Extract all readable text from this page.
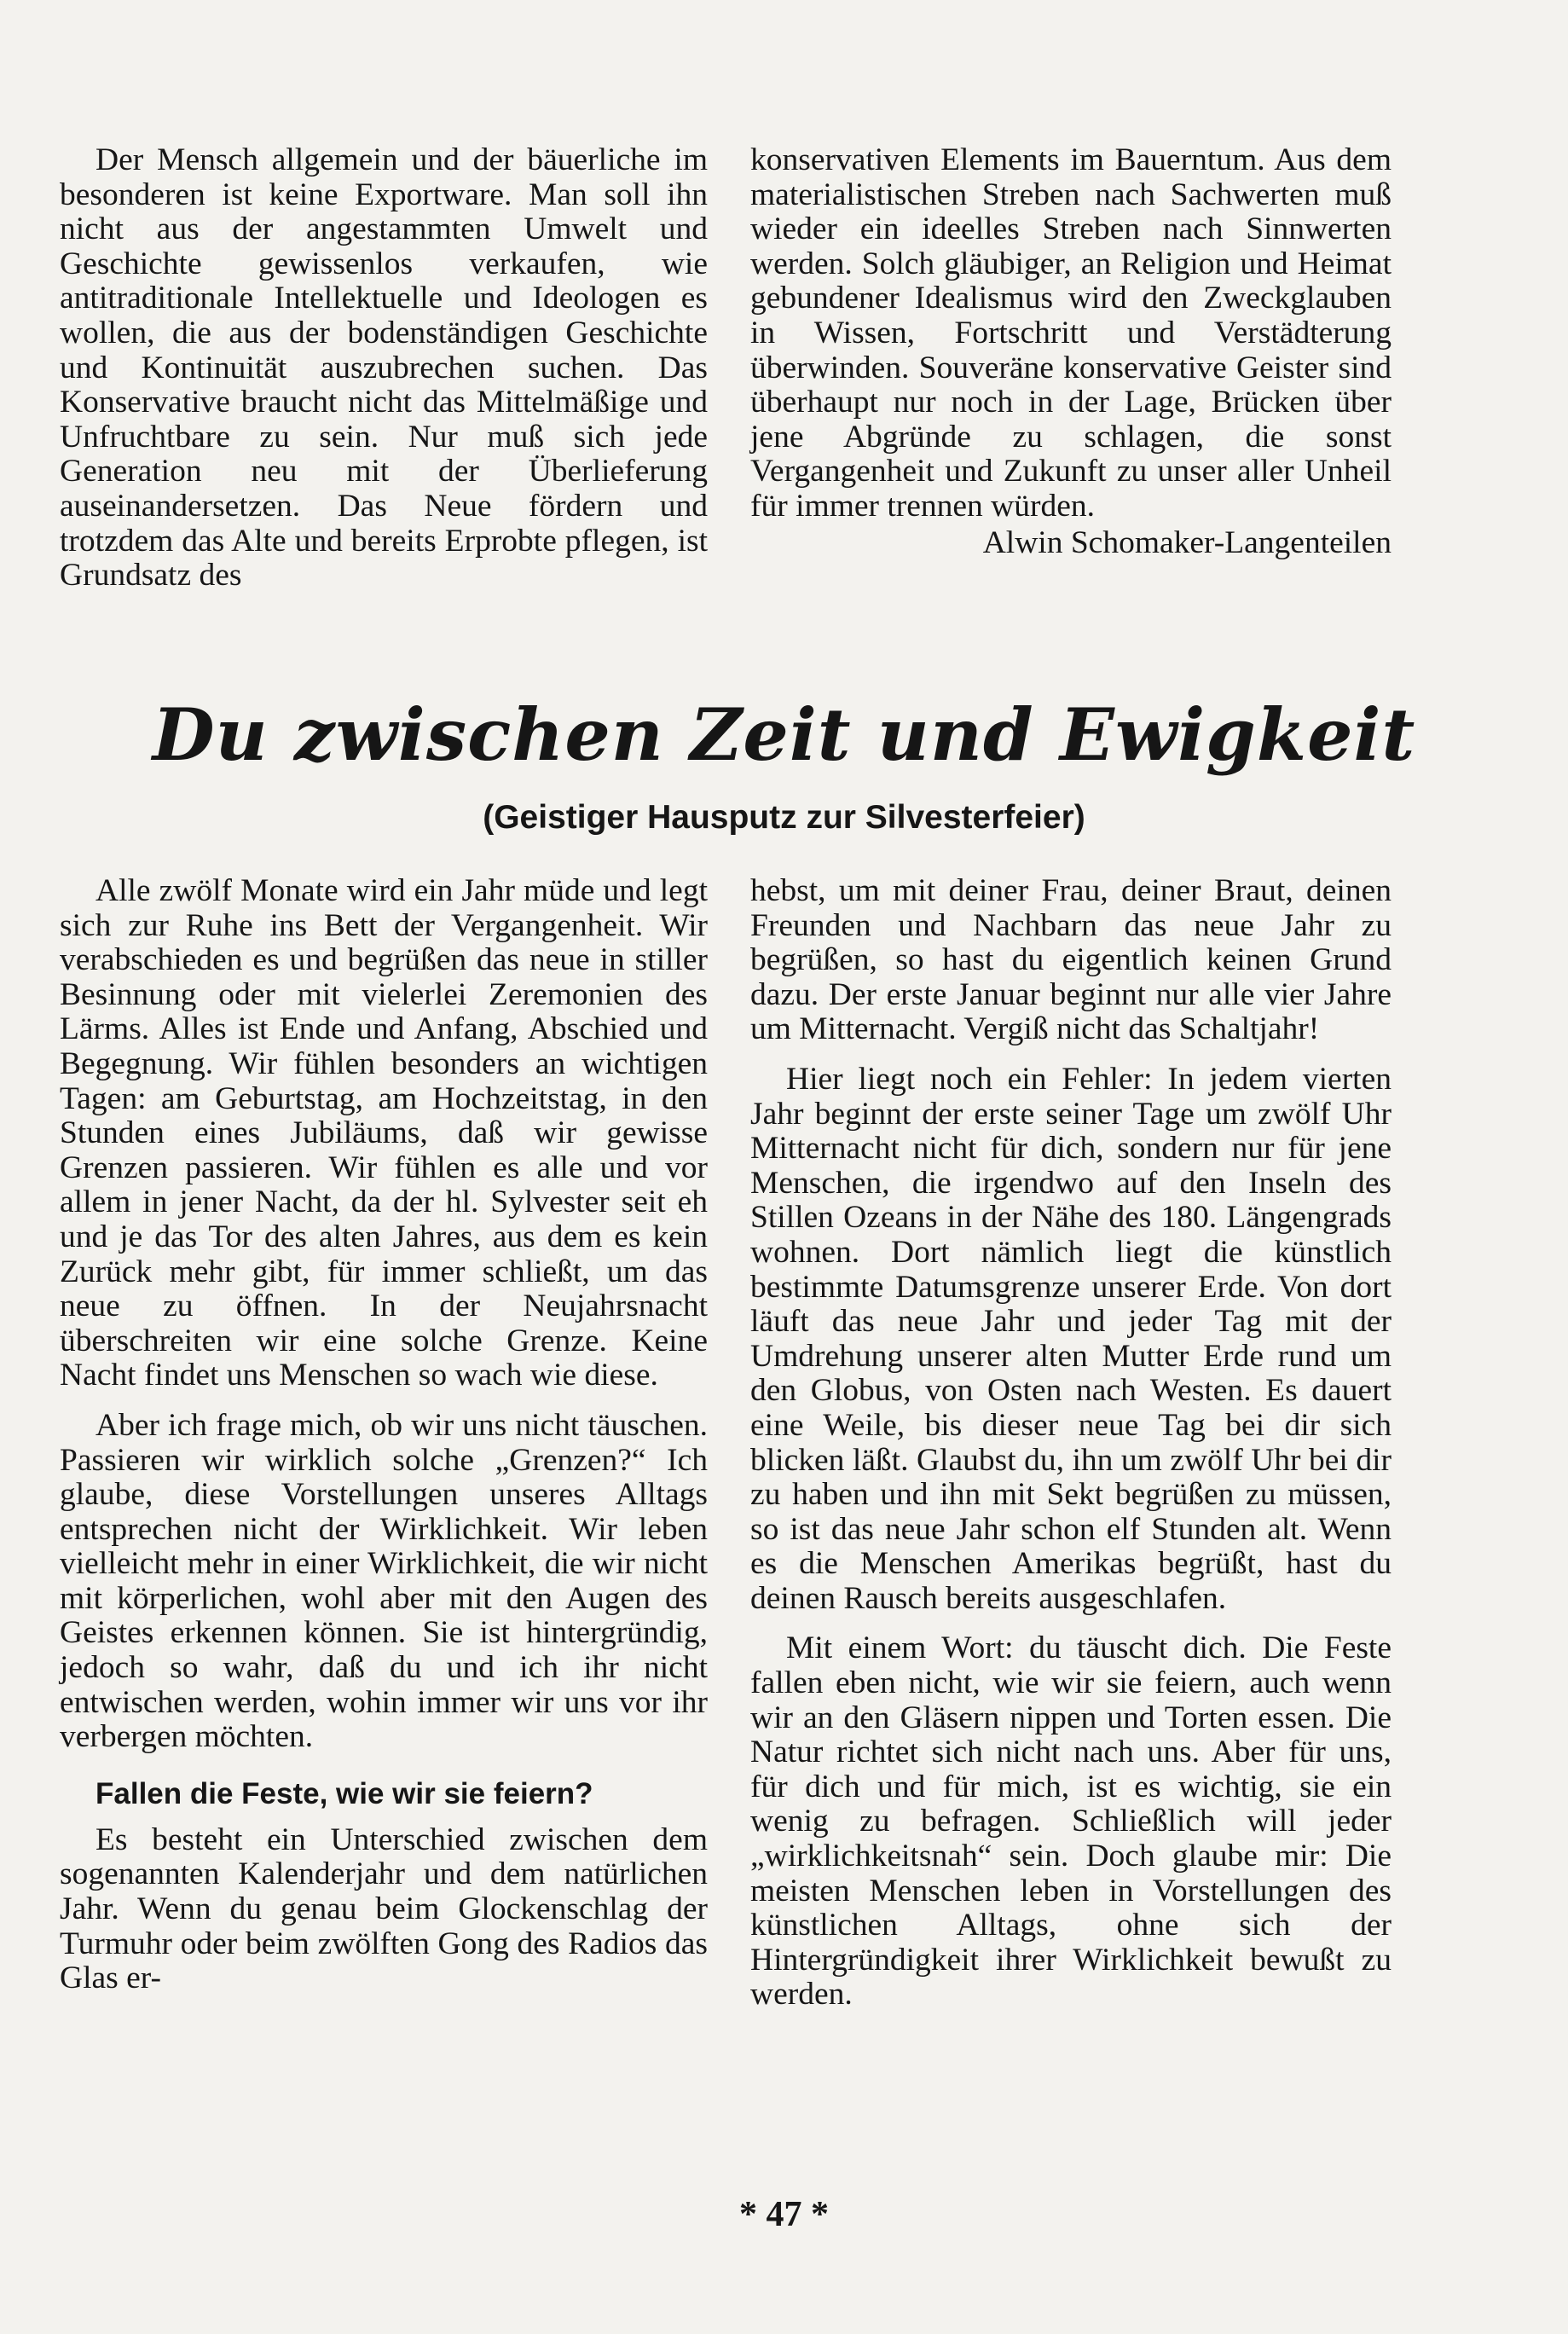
Der Mensch allgemein und der bäuerliche im besonderen ist keine Exportware. Man soll ihn nicht aus der angestammten Umwelt und Geschichte gewissenlos verkaufen, wie antitraditionale Intellektuelle und Ideologen es wollen, die aus der bodenständigen Geschichte und Kontinuität auszubrechen suchen. Das Konservative braucht nicht das Mittelmäßige und Unfruchtbare zu sein. Nur muß sich jede Generation neu mit der Überlieferung auseinandersetzen. Das Neue fördern und trotzdem das Alte und bereits Erprobte pflegen, ist Grundsatz des

konservativen Elements im Bauerntum. Aus dem materialistischen Streben nach Sachwerten muß wieder ein ideelles Streben nach Sinnwerten werden. Solch gläubiger, an Religion und Heimat gebundener Idealismus wird den Zweckglauben in Wissen, Fortschritt und Verstädterung überwinden. Souveräne konservative Geister sind überhaupt nur noch in der Lage, Brücken über jene Abgründe zu schlagen, die sonst Vergangenheit und Zukunft zu unser aller Unheil für immer trennen würden.

Alwin Schomaker-Langenteilen
Du zwischen Zeit und Ewigkeit
(Geistiger Hausputz zur Silvesterfeier)

Alle zwölf Monate wird ein Jahr müde und legt sich zur Ruhe ins Bett der Vergangenheit. Wir verabschieden es und begrüßen das neue in stiller Besinnung oder mit vielerlei Zeremonien des Lärms. Alles ist Ende und Anfang, Abschied und Begegnung. Wir fühlen besonders an wichtigen Tagen: am Geburtstag, am Hochzeitstag, in den Stunden eines Jubiläums, daß wir gewisse Grenzen passieren. Wir fühlen es alle und vor allem in jener Nacht, da der hl. Sylvester seit eh und je das Tor des alten Jahres, aus dem es kein Zurück mehr gibt, für immer schließt, um das neue zu öffnen. In der Neujahrsnacht überschreiten wir eine solche Grenze. Keine Nacht findet uns Menschen so wach wie diese.

Aber ich frage mich, ob wir uns nicht täuschen. Passieren wir wirklich solche „Grenzen?“ Ich glaube, diese Vorstellungen unseres Alltags entsprechen nicht der Wirklichkeit. Wir leben vielleicht mehr in einer Wirklichkeit, die wir nicht mit körperlichen, wohl aber mit den Augen des Geistes erkennen können. Sie ist hintergründig, jedoch so wahr, daß du und ich ihr nicht entwischen werden, wohin immer wir uns vor ihr verbergen möchten.

Fallen die Feste, wie wir sie feiern?

Es besteht ein Unterschied zwischen dem sogenannten Kalenderjahr und dem natürlichen Jahr. Wenn du genau beim Glockenschlag der Turmuhr oder beim zwölften Gong des Radios das Glas er-

hebst, um mit deiner Frau, deiner Braut, deinen Freunden und Nachbarn das neue Jahr zu begrüßen, so hast du eigentlich keinen Grund dazu. Der erste Januar beginnt nur alle vier Jahre um Mitternacht. Vergiß nicht das Schaltjahr!

Hier liegt noch ein Fehler: In jedem vierten Jahr beginnt der erste seiner Tage um zwölf Uhr Mitternacht nicht für dich, sondern nur für jene Menschen, die irgendwo auf den Inseln des Stillen Ozeans in der Nähe des 180. Längengrads wohnen. Dort nämlich liegt die künstlich bestimmte Datumsgrenze unserer Erde. Von dort läuft das neue Jahr und jeder Tag mit der Umdrehung unserer alten Mutter Erde rund um den Globus, von Osten nach Westen. Es dauert eine Weile, bis dieser neue Tag bei dir sich blicken läßt. Glaubst du, ihn um zwölf Uhr bei dir zu haben und ihn mit Sekt begrüßen zu müssen, so ist das neue Jahr schon elf Stunden alt. Wenn es die Menschen Amerikas begrüßt, hast du deinen Rausch bereits ausgeschlafen.

Mit einem Wort: du täuscht dich. Die Feste fallen eben nicht, wie wir sie feiern, auch wenn wir an den Gläsern nippen und Torten essen. Die Natur richtet sich nicht nach uns. Aber für uns, für dich und für mich, ist es wichtig, sie ein wenig zu befragen. Schließlich will jeder „wirklichkeitsnah“ sein. Doch glaube mir: Die meisten Menschen leben in Vorstellungen des künstlichen Alltags, ohne sich der Hintergründigkeit ihrer Wirklichkeit bewußt zu werden.

* 47 *
